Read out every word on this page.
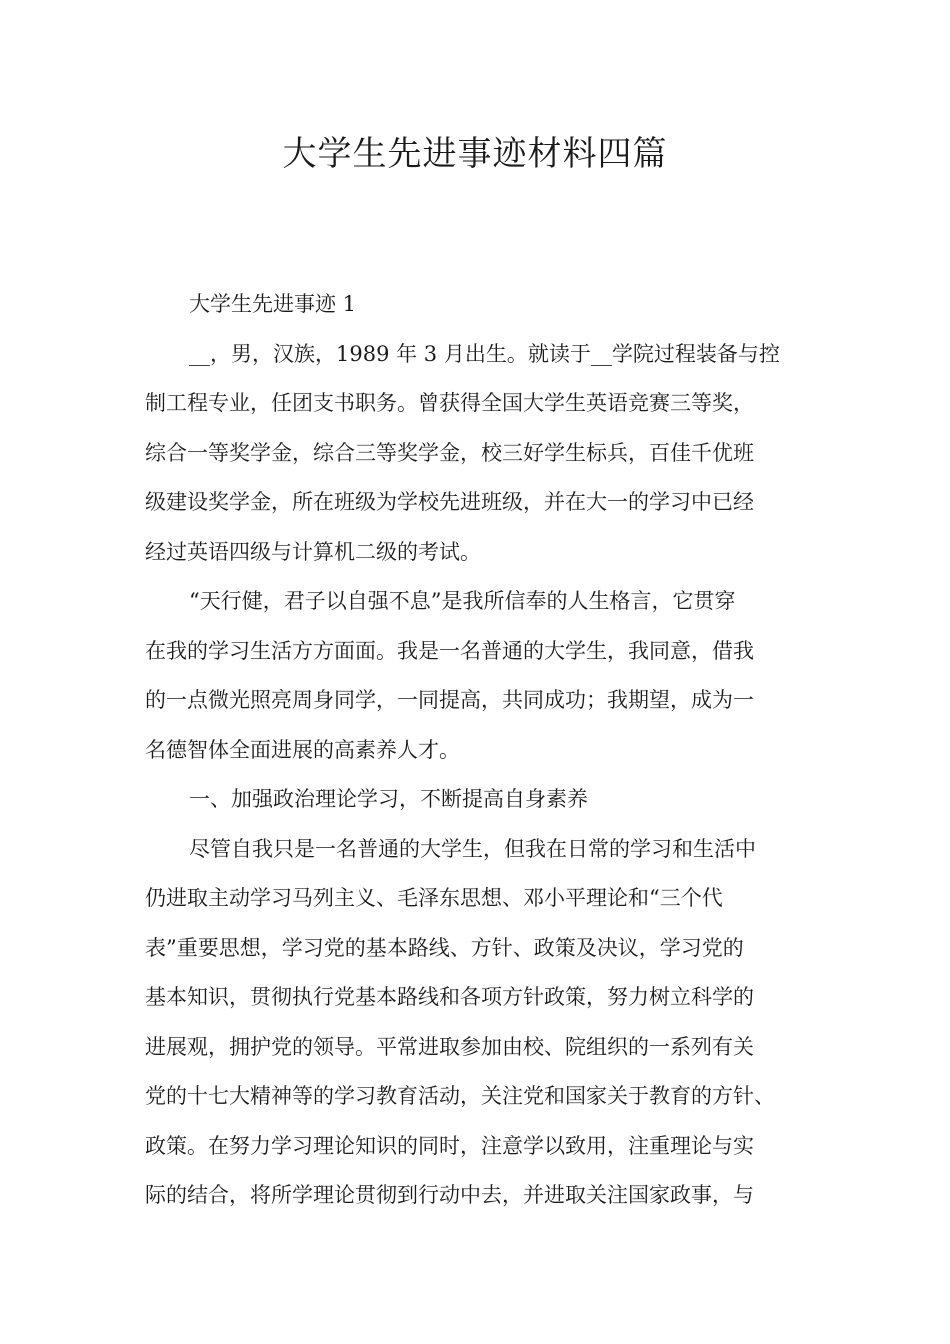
大学生先进事迹材料四篇
大学生先进事迹 1
__，男，汉族，1989 年 3 月出生。就读于__学院过程装备与控
制工程专业，任团支书职务。曾获得全国大学生英语竞赛三等奖，
综合一等奖学金，综合三等奖学金，校三好学生标兵，百佳千优班
级建设奖学金，所在班级为学校先进班级，并在大一的学习中已经
经过英语四级与计算机二级的考试。
“天行健，君子以自强不息”是我所信奉的人生格言，它贯穿
在我的学习生活方方面面。我是一名普通的大学生，我同意，借我
的一点微光照亮周身同学，一同提高，共同成功；我期望，成为一
名德智体全面进展的高素养人才。
一、加强政治理论学习，不断提高自身素养
尽管自我只是一名普通的大学生，但我在日常的学习和生活中
仍进取主动学习马列主义、毛泽东思想、邓小平理论和“三个代
表”重要思想，学习党的基本路线、方针、政策及决议，学习党的
基本知识，贯彻执行党基本路线和各项方针政策，努力树立科学的
进展观，拥护党的领导。平常进取参加由校、院组织的一系列有关
党的十七大精神等的学习教育活动，关注党和国家关于教育的方针、
政策。在努力学习理论知识的同时，注意学以致用，注重理论与实
际的结合，将所学理论贯彻到行动中去，并进取关注国家政事，与
